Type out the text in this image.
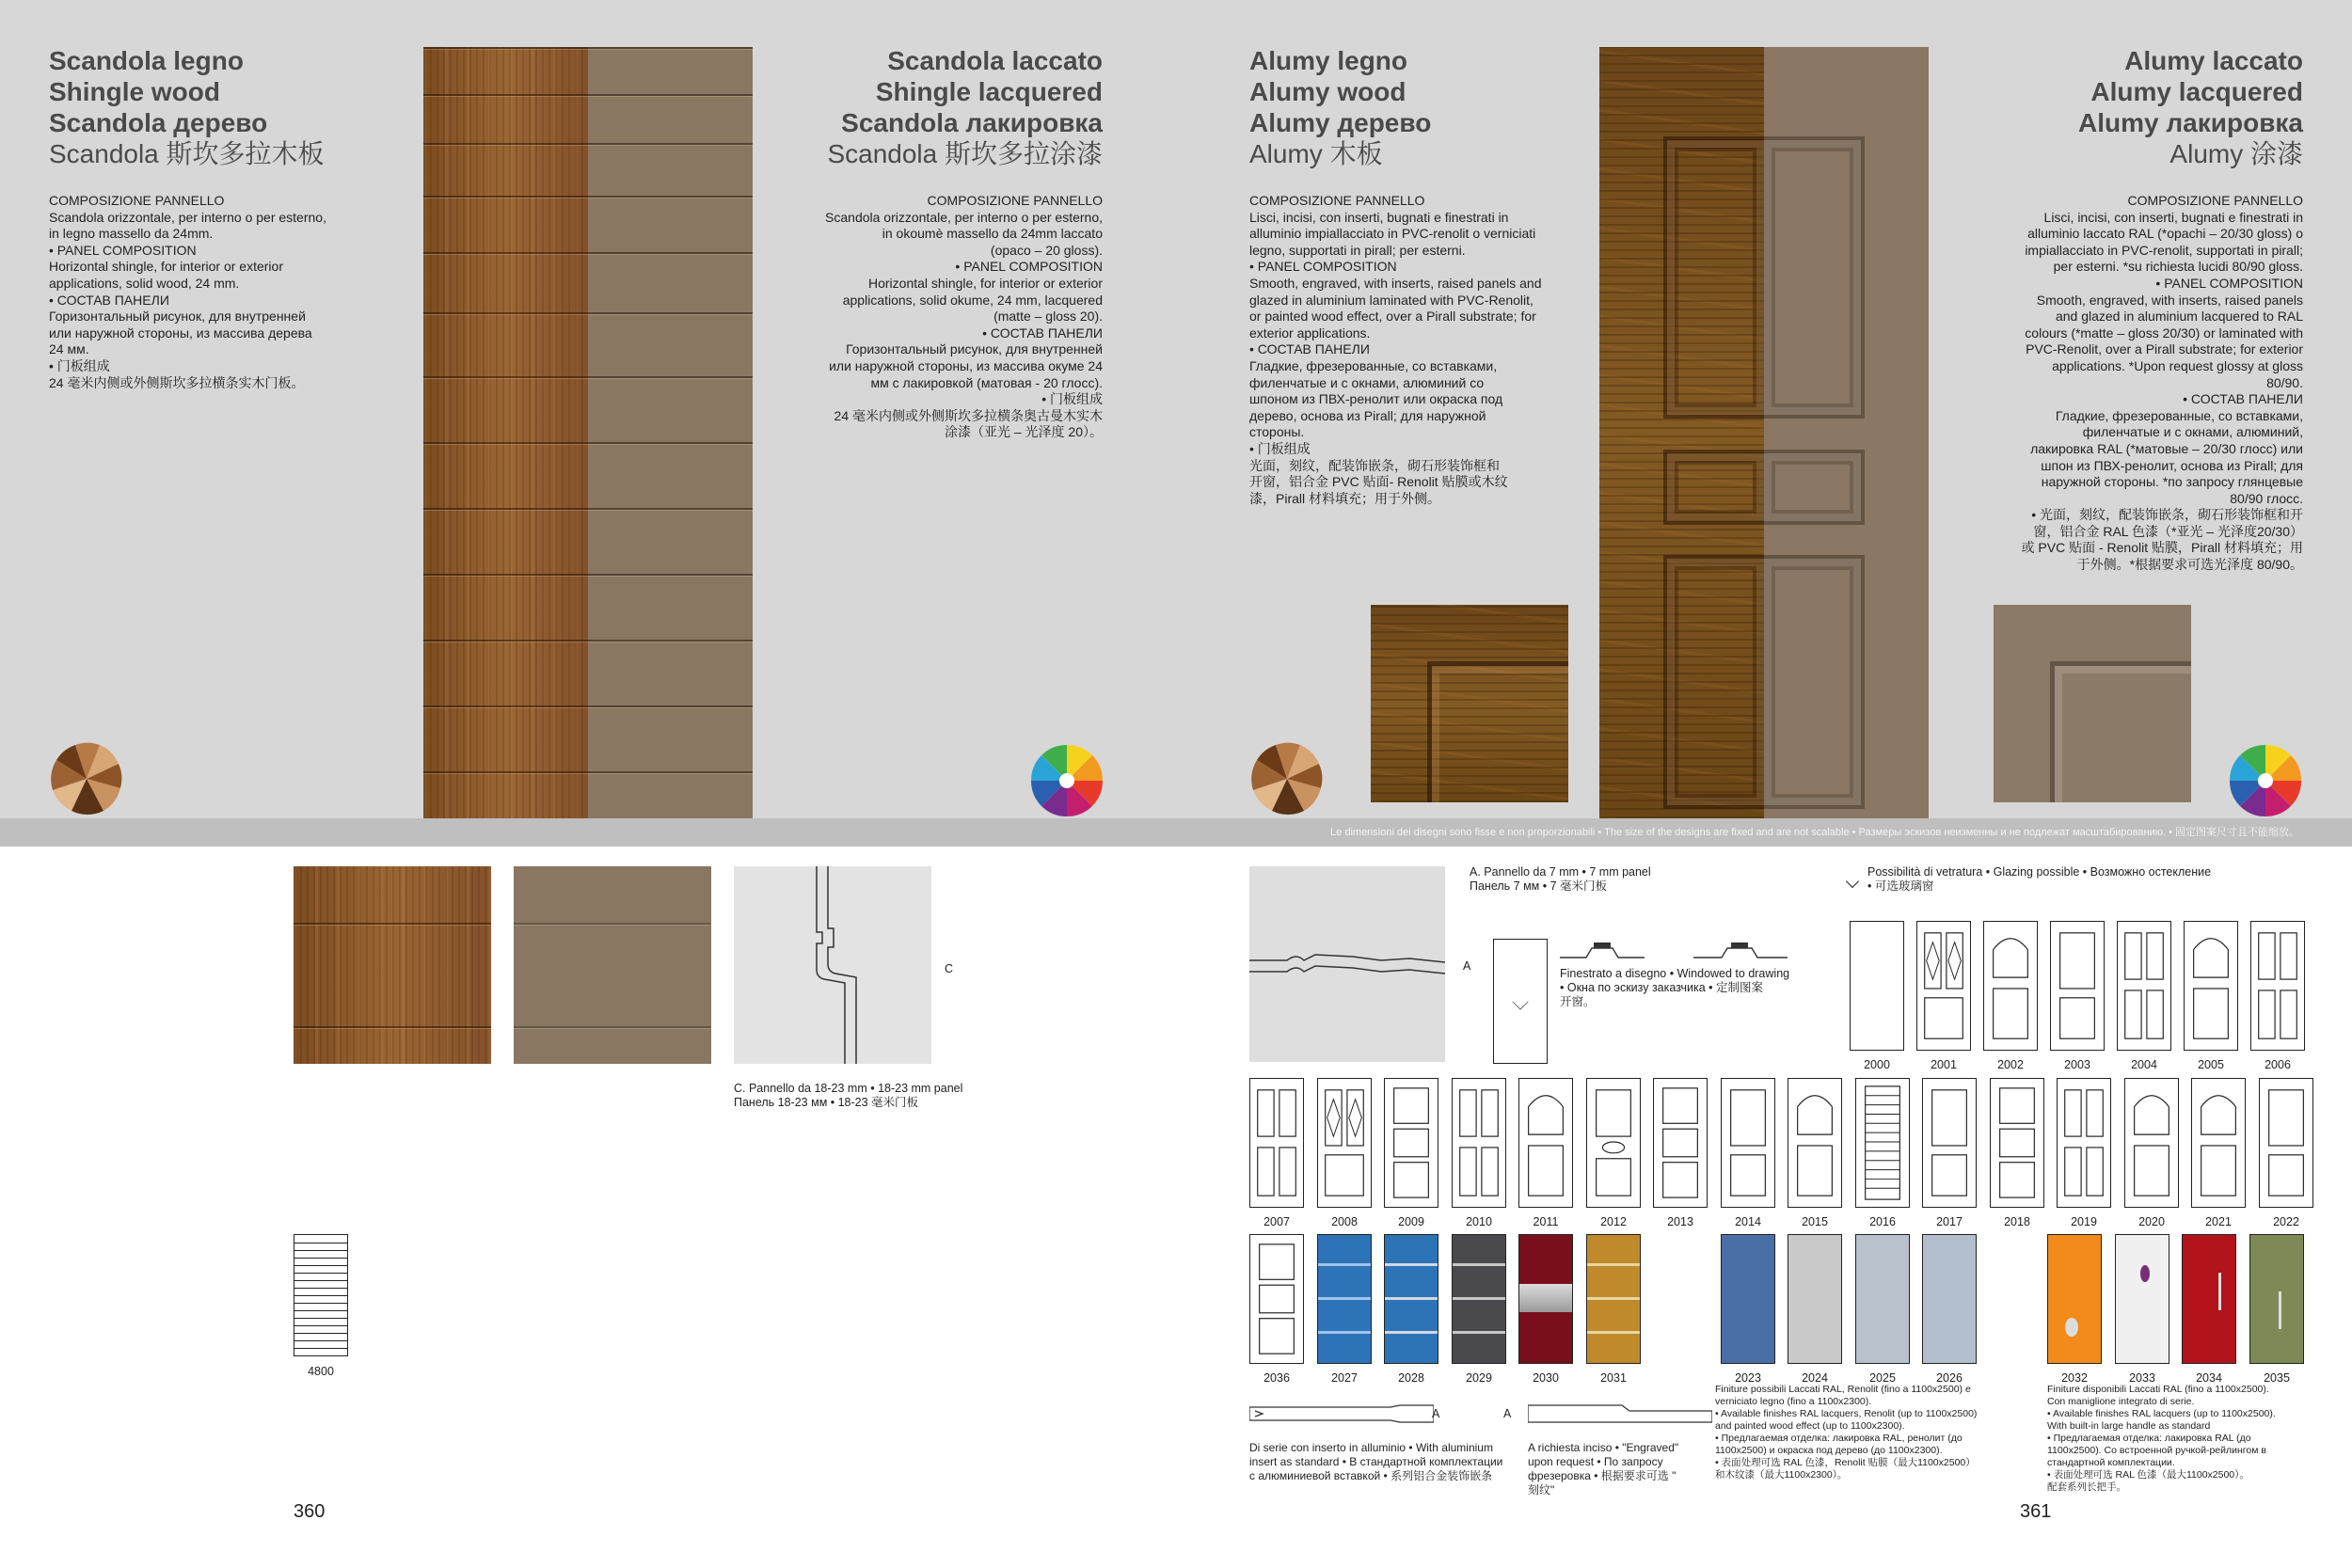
Scandola legno
Shingle wood
Scandola дерево
Scandola 斯坎多拉木板
COMPOSIZIONE PANNELLO
Scandola orizzontale, per interno o per esterno,
in legno massello da 24mm.
• PANEL COMPOSITION
Horizontal shingle, for interior or exterior
applications, solid wood, 24 mm.
• СОСТАВ ПАНЕЛИ
Горизонтальный рисунок, для внутренней
или наружной стороны, из массива дерева
24 мм.
• 门板组成
24 毫米内侧或外侧斯坎多拉横条实木门板。
Scandola laccato
Shingle lacquered
Scandola лакировка
Scandola 斯坎多拉涂漆
COMPOSIZIONE PANNELLO
Scandola orizzontale, per interno o per esterno,
in okoumè massello da 24mm laccato
(opaco – 20 gloss).
• PANEL COMPOSITION
Horizontal shingle, for interior or exterior
applications, solid okume, 24 mm, lacquered
(matte – gloss 20).
• СОСТАВ ПАНЕЛИ
Горизонтальный рисунок, для внутренней
или наружной стороны, из массива окуме 24
мм с лакировкой (матовая - 20 глосс).
• 门板组成
24 毫米内侧或外侧斯坎多拉横条奥古曼木实木
涂漆（亚光 – 光泽度 20）。
Alumy legno
Alumy wood
Alumy дерево
Alumy 木板
COMPOSIZIONE PANNELLO
Lisci, incisi, con inserti, bugnati e finestrati in
alluminio impiallacciato in PVC-renolit o verniciati
legno, supportati in pirall; per esterni.
• PANEL COMPOSITION
Smooth, engraved, with inserts, raised panels and
glazed in aluminium laminated with PVC-Renolit,
or painted wood effect, over a Pirall substrate; for
exterior applications.
• СОСТАВ ПАНЕЛИ
Гладкие, фрезерованные, со вставками,
филенчатые и с окнами, алюминий со
шпоном из ПВХ-ренолит или окраска под
дерево, основа из Pirall; для наружной
стороны.
• 门板组成
光面，刻纹，配装饰嵌条，砌石形装饰框和
开窗，铝合金 PVC 贴面- Renolit 贴膜或木纹
漆，Pirall 材料填充；用于外侧。
Alumy laccato
Alumy lacquered
Alumy лакировка
Alumy 涂漆
COMPOSIZIONE PANNELLO
Lisci, incisi, con inserti, bugnati e finestrati in
alluminio laccato RAL (*opachi – 20/30 gloss) o
impiallacciato in PVC-renolit, supportati in pirall;
per esterni. *su richiesta lucidi 80/90 gloss.
• PANEL COMPOSITION
Smooth, engraved, with inserts, raised panels
and glazed in aluminium lacquered to RAL
colours (*matte – gloss 20/30) or laminated with
PVC-Renolit, over a Pirall substrate; for exterior
applications. *Upon request glossy at gloss
80/90.
• СОСТАВ ПАНЕЛИ
Гладкие, фрезерованные, со вставками,
филенчатые и с окнами, алюминий,
лакировка RAL (*матовые – 20/30 глосс) или
шпон из ПВХ-ренолит, основа из Pirall; для
наружной стороны. *по запросу глянцевые
80/90 глосс.
• 光面，刻纹，配装饰嵌条，砌石形装饰框和开
窗，铝合金 RAL 色漆（*亚光 – 光泽度20/30）
或 PVC 贴面 - Renolit 贴膜，Pirall 材料填充；用
于外侧。*根据要求可选光泽度 80/90。
Le dimensioni dei disegni sono fisse e non proporzionabili • The size of the designs are fixed and are not scalable • Размеры эскизов неизменны и не подлежат масштабированию. • 固定图案尺寸且不能缩放。
C
C. Pannello da 18-23 mm • 18-23 mm panel
Панель 18-23 мм • 18-23 毫米门板
4800
360
A
A. Pannello da 7 mm • 7 mm panel
Панель 7 мм • 7 毫米门板
Finestrato a disegno • Windowed to drawing
• Окна по эскизу заказчика • 定制图案
开窗。
Possibilità di vetratura • Glazing possible • Возможно остекление
• 可选玻璃窗
2000	2001	2002	2003	2004	2005	2006
2007	2008	2009	2010	2011	2012	2013	2014	2015	2016	2017	2018	2019	2020	2021	2022
2036	2027	2028	2029	2030	2031	2023	2024	2025	2026	2032	2033	2034	2035
A	A
Di serie con inserto in alluminio • With aluminium
insert as standard • В стандартной комплектации
с алюминиевой вставкой • 系列铝合金装饰嵌条
A richiesta inciso • "Engraved"
upon request • По запросу
фрезеровка • 根据要求可选 "
刻纹"
Finiture possibili Laccati RAL, Renolit (fino a 1100x2500) e
verniciato legno (fino a 1100x2300).
• Available finishes RAL lacquers, Renolit (up to 1100x2500)
and painted wood effect (up to 1100x2300).
• Предлагаемая отделка: лакировка RAL, ренолит (до
1100x2500) и окраска под дерево (до 1100x2300).
• 表面处理可选 RAL 色漆，Renolit 贴膜（最大1100x2500）
和木纹漆（最大1100x2300）。
Finiture disponibili Laccati RAL (fino a 1100x2500).
Con maniglione integrato di serie.
• Available finishes RAL lacquers (up to 1100x2500).
With built-in large handle as standard
• Предлагаемая отделка: лакировка RAL (до
1100x2500). Со встроенной ручкой-рейлингом в
стандартной комплектации.
• 表面处理可选 RAL 色漆（最大1100x2500）。
配套系列长把手。
361
